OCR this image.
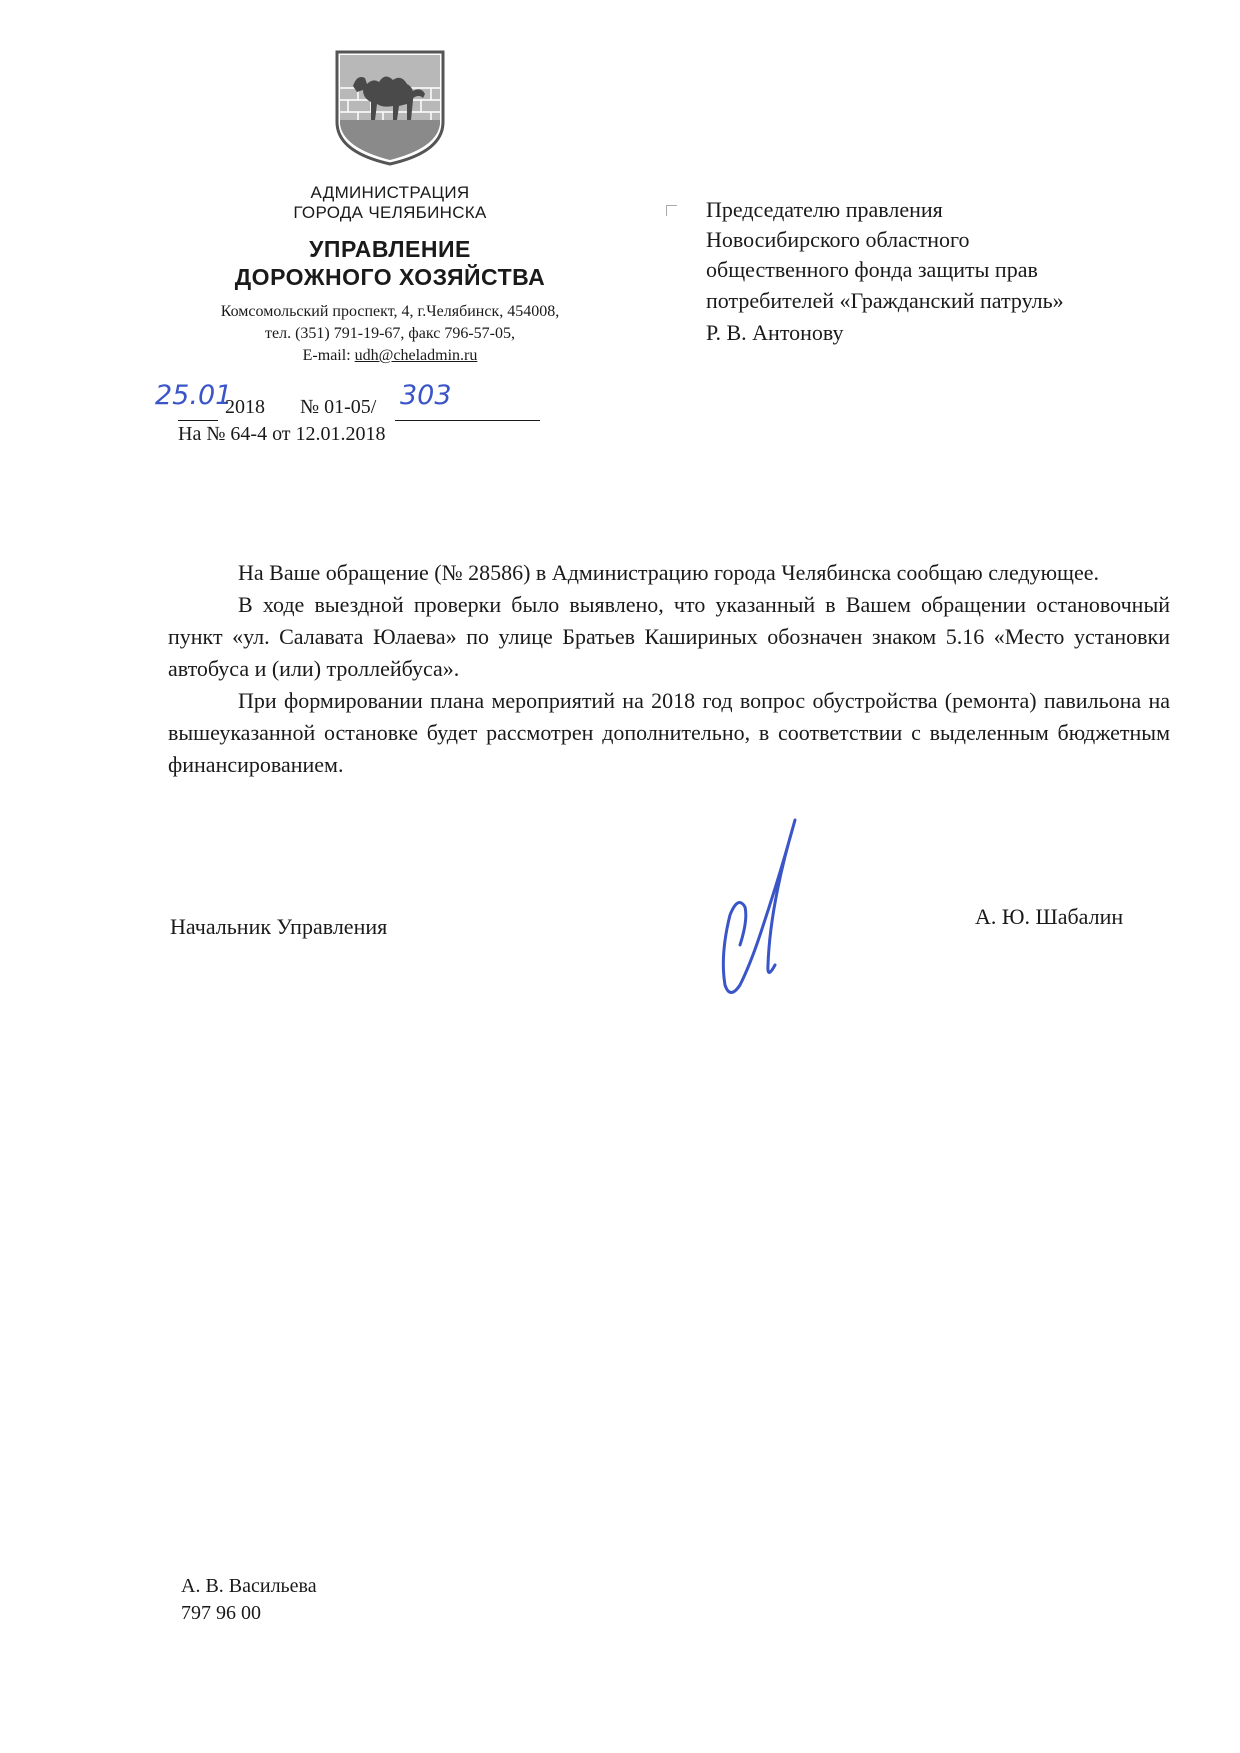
АДМИНИСТРАЦИЯ
ГОРОДА ЧЕЛЯБИНСКА
УПРАВЛЕНИЕ
ДОРОЖНОГО ХОЗЯЙСТВА
Комсомольский проспект, 4, г.Челябинск, 454008,
тел. (351) 791-19-67, факс 796-57-05,
E-mail: udh@cheladmin.ru
25.01
2018 № 01-05/ 303
На № 64-4 от 12.01.2018
Председателю правления
Новосибирского областного
общественного фонда защиты прав
потребителей «Гражданский патруль»
Р. В. Антонову

На Ваше обращение (№ 28586) в Администрацию города Челябинска сообщаю следующее.

В ходе выездной проверки было выявлено, что указанный в Вашем обращении остановочный пункт «ул. Салавата Юлаева» по улице Братьев Кашириных обозначен знаком 5.16 «Место установки автобуса и (или) троллейбуса».

При формировании плана мероприятий на 2018 год вопрос обустройства (ремонта) павильона на вышеуказанной остановке будет рассмотрен дополнительно, в соответствии с выделенным бюджетным финансированием.

Начальник Управления	А. Ю. Шабалин
А. В. Васильева
797 96 00
